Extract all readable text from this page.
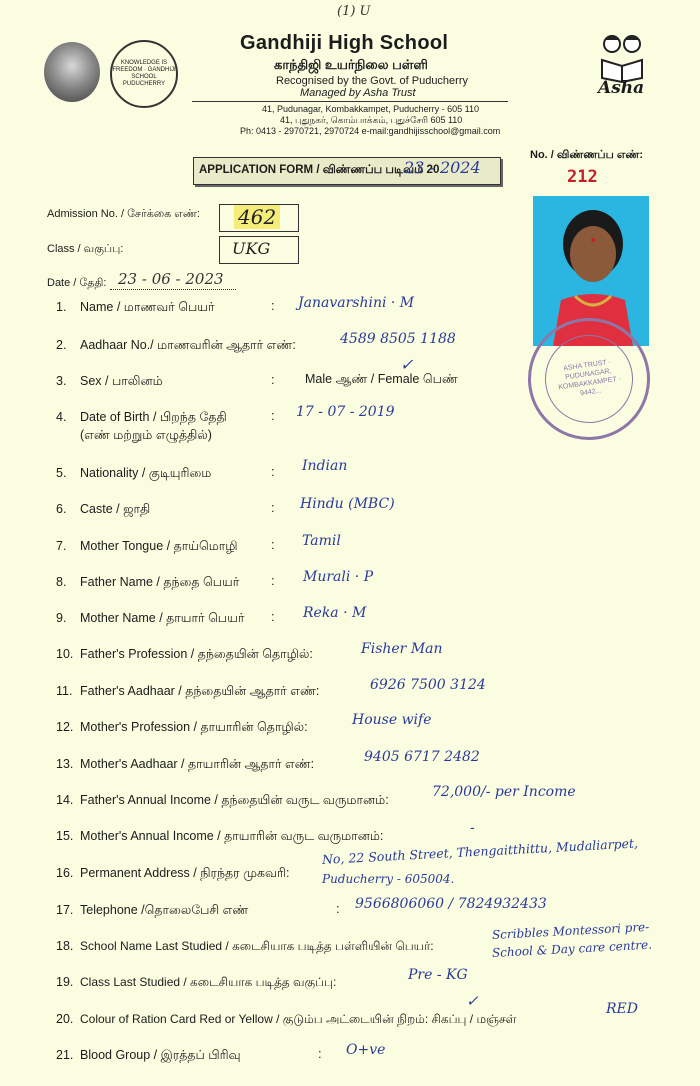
(1) U
KNOWLEDGE IS FREEDOM · GANDHIJI SCHOOL PUDUCHERRY
Gandhiji High School
காந்திஜி உயர்நிலை பள்ளி
Recognised by the Govt. of Puducherry
Managed by Asha Trust
41, Pudunagar, Kombakkampet, Puducherry - 605 110
41, புதுநகர், கொம்பாக்கம், புதுச்சேரி 605 110
Ph: 0413 - 2970721, 2970724 e-mail:gandhijisschool@gmail.com
Asha
APPLICATION FORM / விண்ணப்ப படிவம் 20
23 - 2024
No. / விண்ணப்ப எண்:
212
Admission No. / சேர்க்கை எண்: 462
Class / வகுப்பு:	UKG
Date / தேதி: 23 - 06 - 2023
ASHA TRUST · PUDUNAGAR, KOMBAKKAMPET · 9442...
1. Name / மாணவர் பெயர்	: Janavarshini · M
2. Aadhaar No./ மாணவரின் ஆதார் எண்:	4589 8505 1188
3. Sex / பாலினம்	: Male ஆண் / Female பெண்
✓
4. Date of Birth / பிறந்த தேதி
(எண் மற்றும் எழுத்தில்)
: 17 - 07 - 2019
5. Nationality / குடியுரிமை	: Indian
6. Caste / ஜாதி	: Hindu (MBC)
7. Mother Tongue / தாய்மொழி	: Tamil
8. Father Name / தந்தை பெயர் : Murali · P
9. Mother Name / தாயார் பெயர் : Reka · M
10. Father's Profession / தந்தையின் தொழில்:	Fisher Man
11. Father's Aadhaar / தந்தையின் ஆதார் எண்:	6926 7500 3124
12. Mother's Profession / தாயாரின் தொழில்:	House wife
13. Mother's Aadhaar / தாயாரின் ஆதார் எண்:	9405 6717 2482
14. Father's Annual Income / தந்தையின் வருட வருமானம்:	72,000/- per Income
15. Mother's Annual Income / தாயாரின் வருட வருமானம்:	-
16. Permanent Address / நிரந்தர முகவரி:
No, 22 South Street, Thengaitthittu, Mudaliarpet,
Puducherry - 605004.
17. Telephone /தொலைபேசி எண்	: 9566806060 / 7824932433
18. School Name Last Studied / கடைசியாக படித்த பள்ளியின் பெயர்:
Scribbles Montessori pre-
School & Day care centre.
19. Class Last Studied / கடைசியாக படித்த வகுப்பு:	Pre - KG
20. Colour of Ration Card Red or Yellow / குடும்ப அட்டையின் நிறம்: சிகப்பு / மஞ்சள்
✓	RED
21. Blood Group / இரத்தப் பிரிவு	: O+ve
